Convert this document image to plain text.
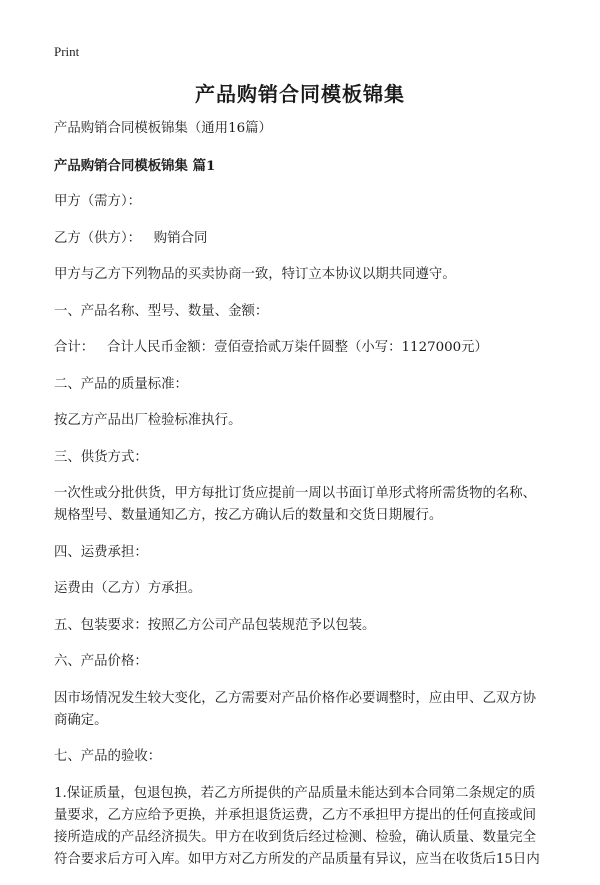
Print
产品购销合同模板锦集

产品购销合同模板锦集（通用16篇）

产品购销合同模板锦集 篇1

甲方（需方）：

乙方（供方）：   购销合同

甲方与乙方下列物品的买卖协商一致，特订立本协议以期共同遵守。

一、产品名称、型号、数量、金额：

合计：   合计人民币金额：壹佰壹拾贰万柒仟圆整（小写：1127000元）

二、产品的质量标准：

按乙方产品出厂检验标准执行。

三、供货方式：

一次性或分批供货，甲方每批订货应提前一周以书面订单形式将所需货物的名称、规格型号、数量通知乙方，按乙方确认后的数量和交货日期履行。

四、运费承担：

运费由（乙方）方承担。

五、包装要求：按照乙方公司产品包装规范予以包装。

六、产品价格：

因市场情况发生较大变化，乙方需要对产品价格作必要调整时，应由甲、乙双方协商确定。

七、产品的验收：

1.保证质量，包退包换，若乙方所提供的产品质量未能达到本合同第二条规定的质量要求，乙方应给予更换，并承担退货运费，乙方不承担甲方提出的任何直接或间接所造成的产品经济损失。甲方在收到货后经过检测、检验，确认质量、数量完全符合要求后方可入库。如甲方对乙方所发的产品质量有异议，应当在收货后15日内
